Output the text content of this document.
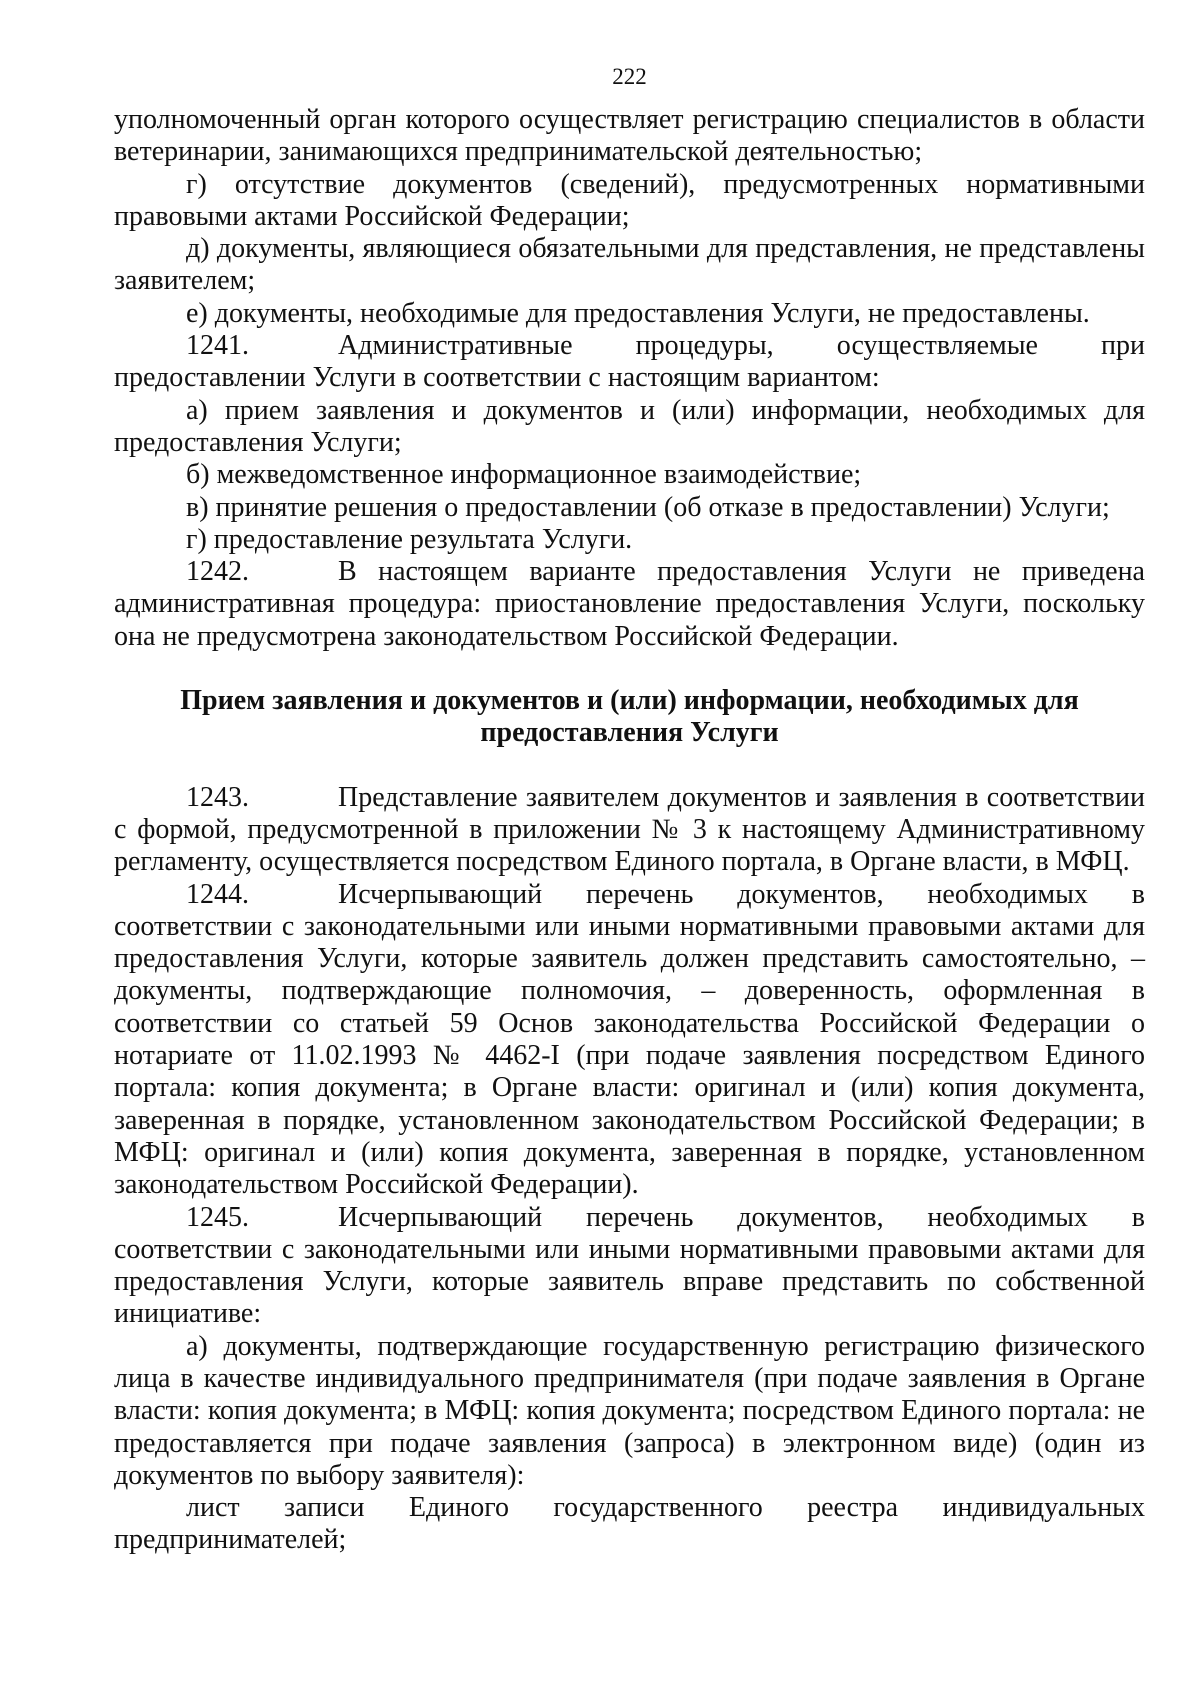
222

уполномоченный орган которого осуществляет регистрацию специалистов в области ветеринарии, занимающихся предпринимательской деятельностью;

г) отсутствие документов (сведений), предусмотренных нормативными правовыми актами Российской Федерации;

д) документы, являющиеся обязательными для представления, не представлены заявителем;

е) документы, необходимые для предоставления Услуги, не предоставлены.

1241.	Административные процедуры, осуществляемые при предоставлении Услуги в соответствии с настоящим вариантом:

а) прием заявления и документов и (или) информации, необходимых для предоставления Услуги;

б) межведомственное информационное взаимодействие;

в) принятие решения о предоставлении (об отказе в предоставлении) Услуги;

г) предоставление результата Услуги.

1242.	В настоящем варианте предоставления Услуги не приведена административная процедура: приостановление предоставления Услуги, поскольку она не предусмотрена законодательством Российской Федерации.

Прием заявления и документов и (или) информации, необходимых для предоставления Услуги

1243.	Представление заявителем документов и заявления в соответствии с формой, предусмотренной в приложении № 3 к настоящему Административному регламенту, осуществляется посредством Единого портала, в Органе власти, в МФЦ.

1244.	Исчерпывающий перечень документов, необходимых в соответствии с законодательными или иными нормативными правовыми актами для предоставления Услуги, которые заявитель должен представить самостоятельно, – документы, подтверждающие полномочия, – доверенность, оформленная в соответствии со статьей 59 Основ законодательства Российской Федерации о нотариате от 11.02.1993 № 4462-I (при подаче заявления посредством Единого портала: копия документа; в Органе власти: оригинал и (или) копия документа, заверенная в порядке, установленном законодательством Российской Федерации; в МФЦ: оригинал и (или) копия документа, заверенная в порядке, установленном законодательством Российской Федерации).

1245.	Исчерпывающий перечень документов, необходимых в соответствии с законодательными или иными нормативными правовыми актами для предоставления Услуги, которые заявитель вправе представить по собственной инициативе:

а) документы, подтверждающие государственную регистрацию физического лица в качестве индивидуального предпринимателя (при подаче заявления в Органе власти: копия документа; в МФЦ: копия документа; посредством Единого портала: не предоставляется при подаче заявления (запроса) в электронном виде) (один из документов по выбору заявителя):

лист записи Единого государственного реестра индивидуальных предпринимателей;
